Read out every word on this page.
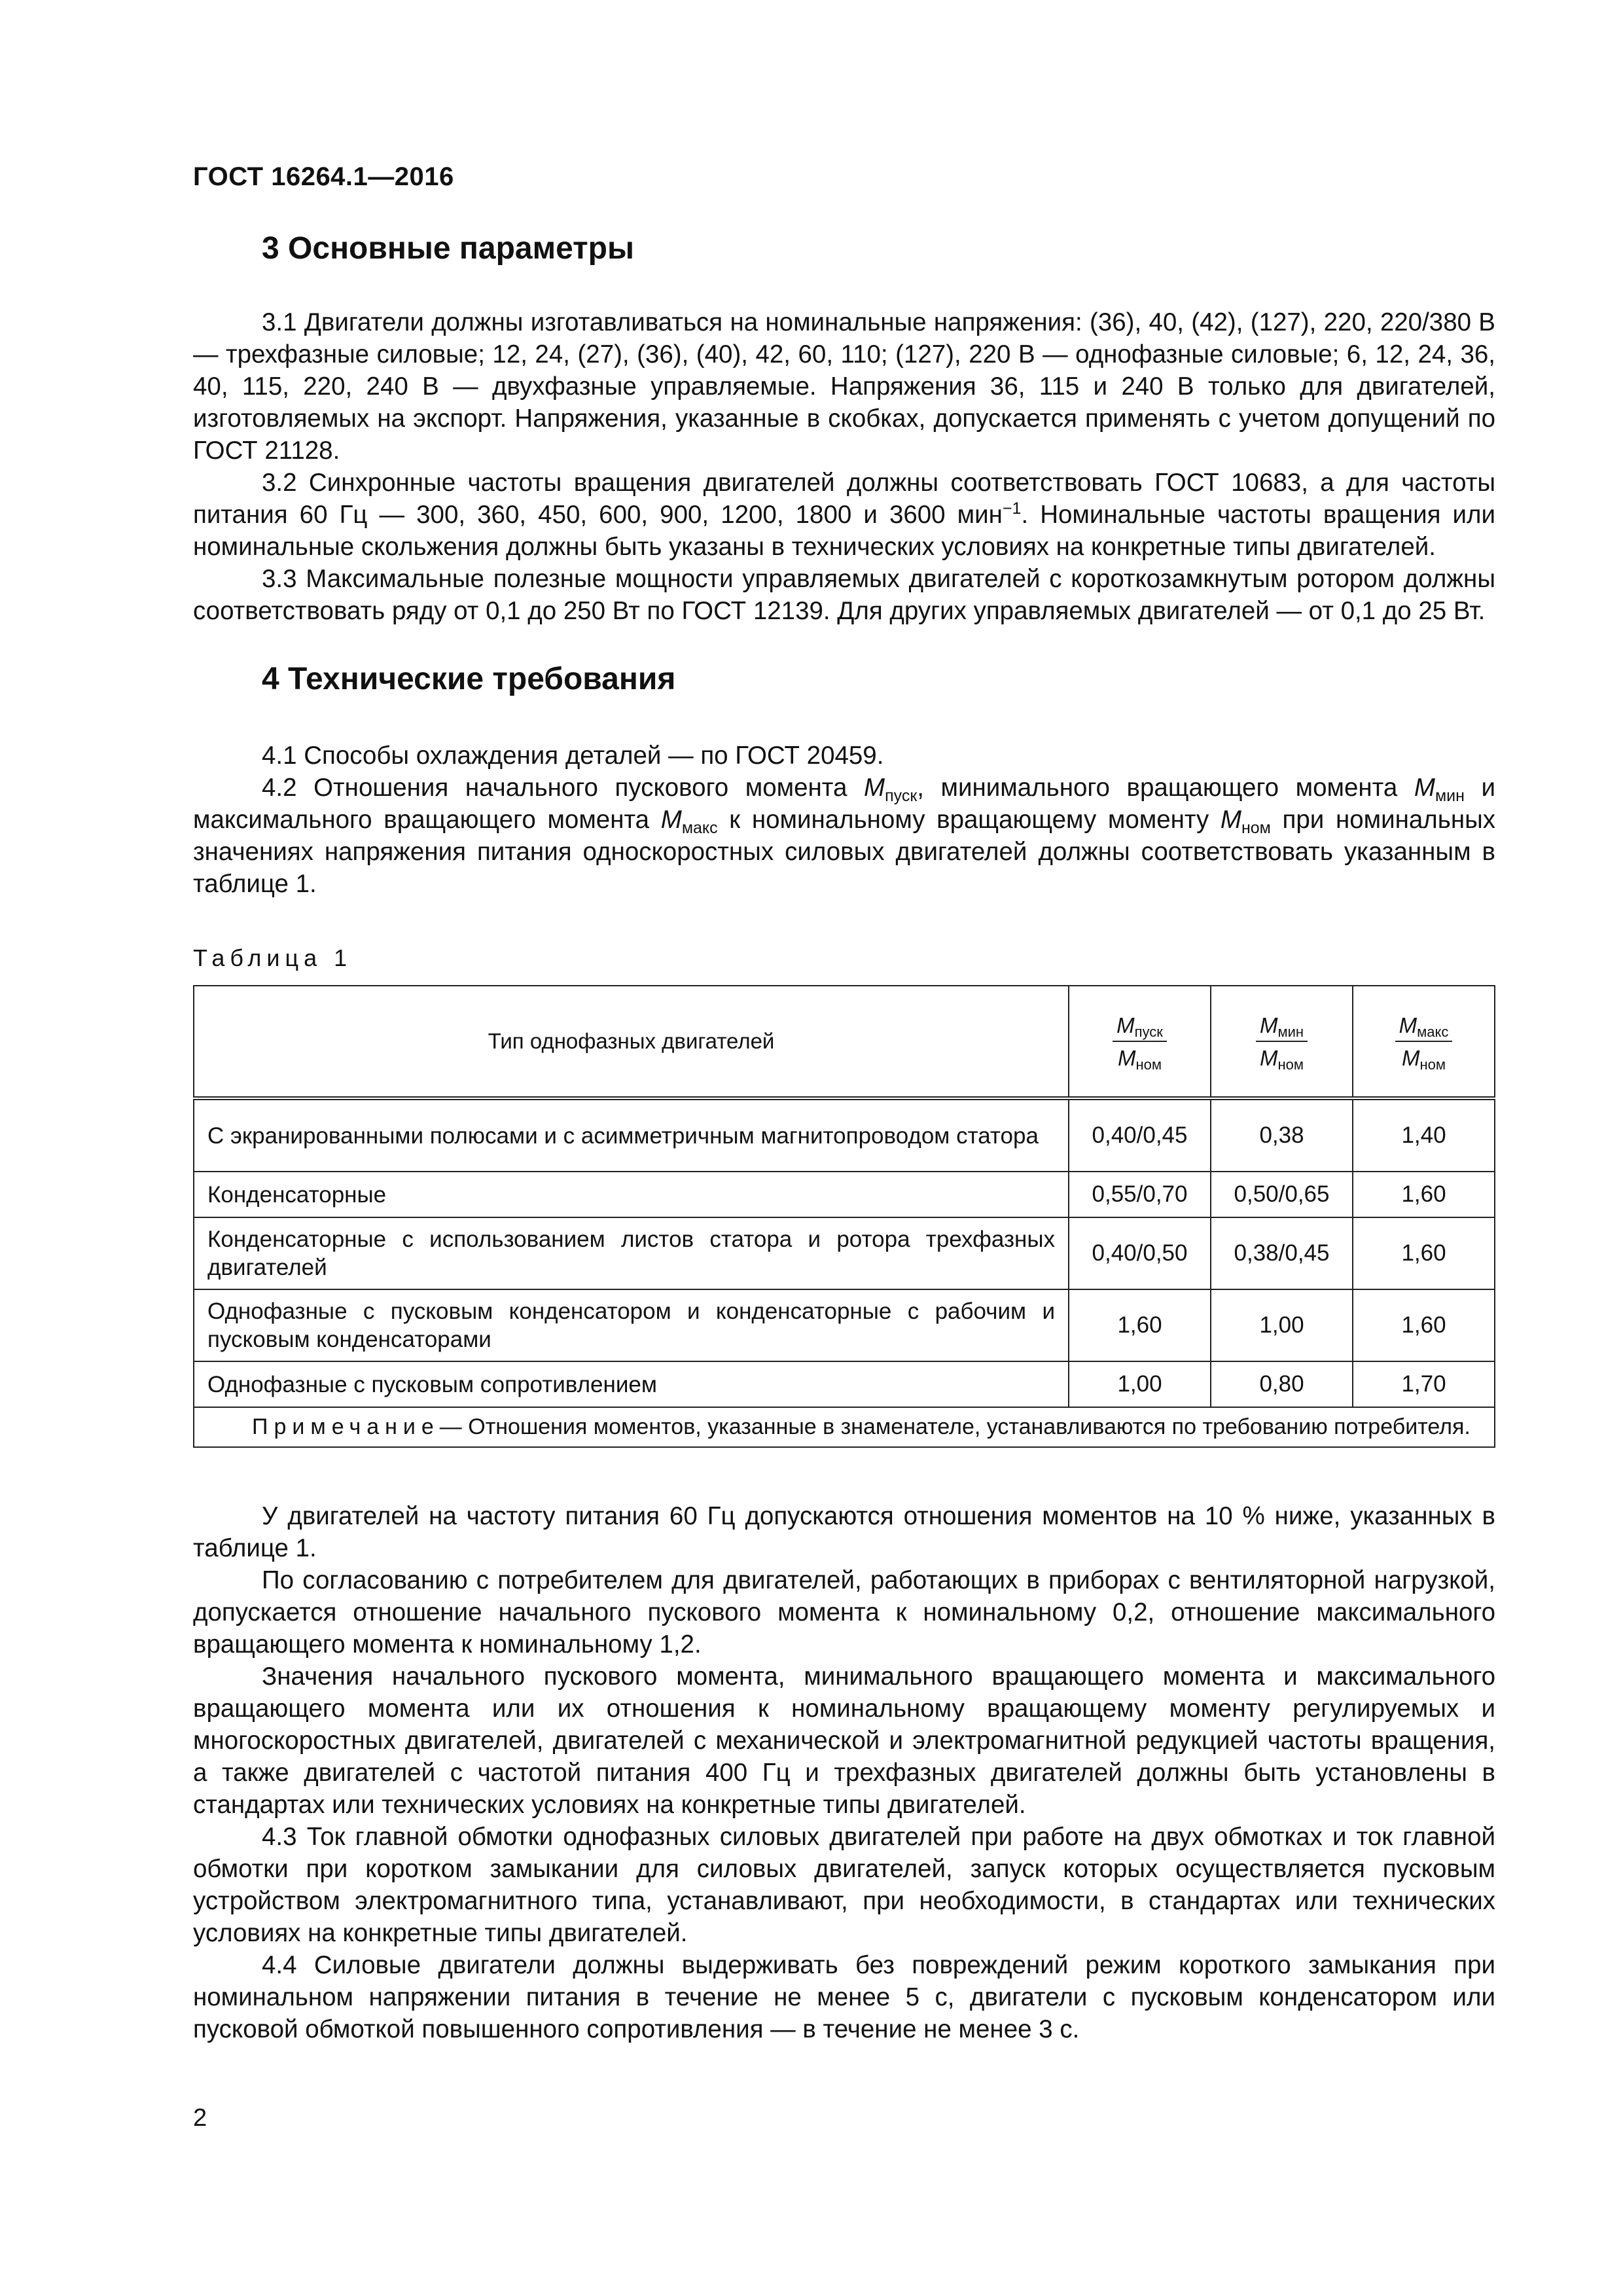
ГОСТ 16264.1—2016
3 Основные параметры

3.1 Двигатели должны изготавливаться на номинальные напряжения: (36), 40, (42), (127), 220, 220/380 В — трехфазные силовые; 12, 24, (27), (36), (40), 42, 60, 110; (127), 220 В — однофазные силовые; 6, 12, 24, 36, 40, 115, 220, 240 В — двухфазные управляемые. Напряжения 36, 115 и 240 В только для двигателей, изготовляемых на экспорт. Напряжения, указанные в скобках, допускается применять с учетом допущений по ГОСТ 21128.

3.2 Синхронные частоты вращения двигателей должны соответствовать ГОСТ 10683, а для частоты питания 60 Гц — 300, 360, 450, 600, 900, 1200, 1800 и 3600 мин$^{-1}$. Номинальные частоты вращения или номинальные скольжения должны быть указаны в технических условиях на конкретные типы двигателей.

3.3 Максимальные полезные мощности управляемых двигателей с короткозамкнутым ротором должны соответствовать ряду от 0,1 до 250 Вт по ГОСТ 12139. Для других управляемых двигателей — от 0,1 до 25 Вт.

4 Технические требования

4.1 Способы охлаждения деталей — по ГОСТ 20459.

4.2 Отношения начального пускового момента $M_{пуск}$, минимального вращающего момента $M_{мин}$ и максимального вращающего момента $M_{макс}$ к номинальному вращающему моменту $M_{ном}$ при номинальных значениях напряжения питания односкоростных силовых двигателей должны соответствовать указанным в таблице 1.

Таблица 1
Тип однофазных двигателей	$\frac{M_{пуск}}{M_{ном}}$	$\frac{M_{мин}}{M_{ном}}$	$\frac{M_{макс}}{M_{ном}}$

С экранированными полюсами и с асимметричным магнитопроводом статора	0,40/0,45	0,38	1,40
Конденсаторные	0,55/0,70	0,50/0,65	1,60
Конденсаторные с использованием листов статора и ротора трехфазных двигателей	0,40/0,50	0,38/0,45	1,60
Однофазные с пусковым конденсатором и конденсаторные с рабочим и пусковым конденсаторами	1,60	1,00	1,60
Однофазные с пусковым сопротивлением	1,00	0,80	1,70
Примечание— Отношения моментов, указанные в знаменателе, устанавливаются по требованию потребителя.			

У двигателей на частоту питания 60 Гц допускаются отношения моментов на 10 % ниже, указанных в таблице 1.

По согласованию с потребителем для двигателей, работающих в приборах с вентиляторной нагрузкой, допускается отношение начального пускового момента к номинальному 0,2, отношение максимального вращающего момента к номинальному 1,2.

Значения начального пускового момента, минимального вращающего момента и максимального вращающего момента или их отношения к номинальному вращающему моменту регулируемых и многоскоростных двигателей, двигателей с механической и электромагнитной редукцией частоты вращения, а также двигателей с частотой питания 400 Гц и трехфазных двигателей должны быть установлены в стандартах или технических условиях на конкретные типы двигателей.

4.3 Ток главной обмотки однофазных силовых двигателей при работе на двух обмотках и ток главной обмотки при коротком замыкании для силовых двигателей, запуск которых осуществляется пусковым устройством электромагнитного типа, устанавливают, при необходимости, в стандартах или технических условиях на конкретные типы двигателей.

4.4 Силовые двигатели должны выдерживать без повреждений режим короткого замыкания при номинальном напряжении питания в течение не менее 5 с, двигатели с пусковым конденсатором или пусковой обмоткой повышенного сопротивления — в течение не менее 3 с.

2
